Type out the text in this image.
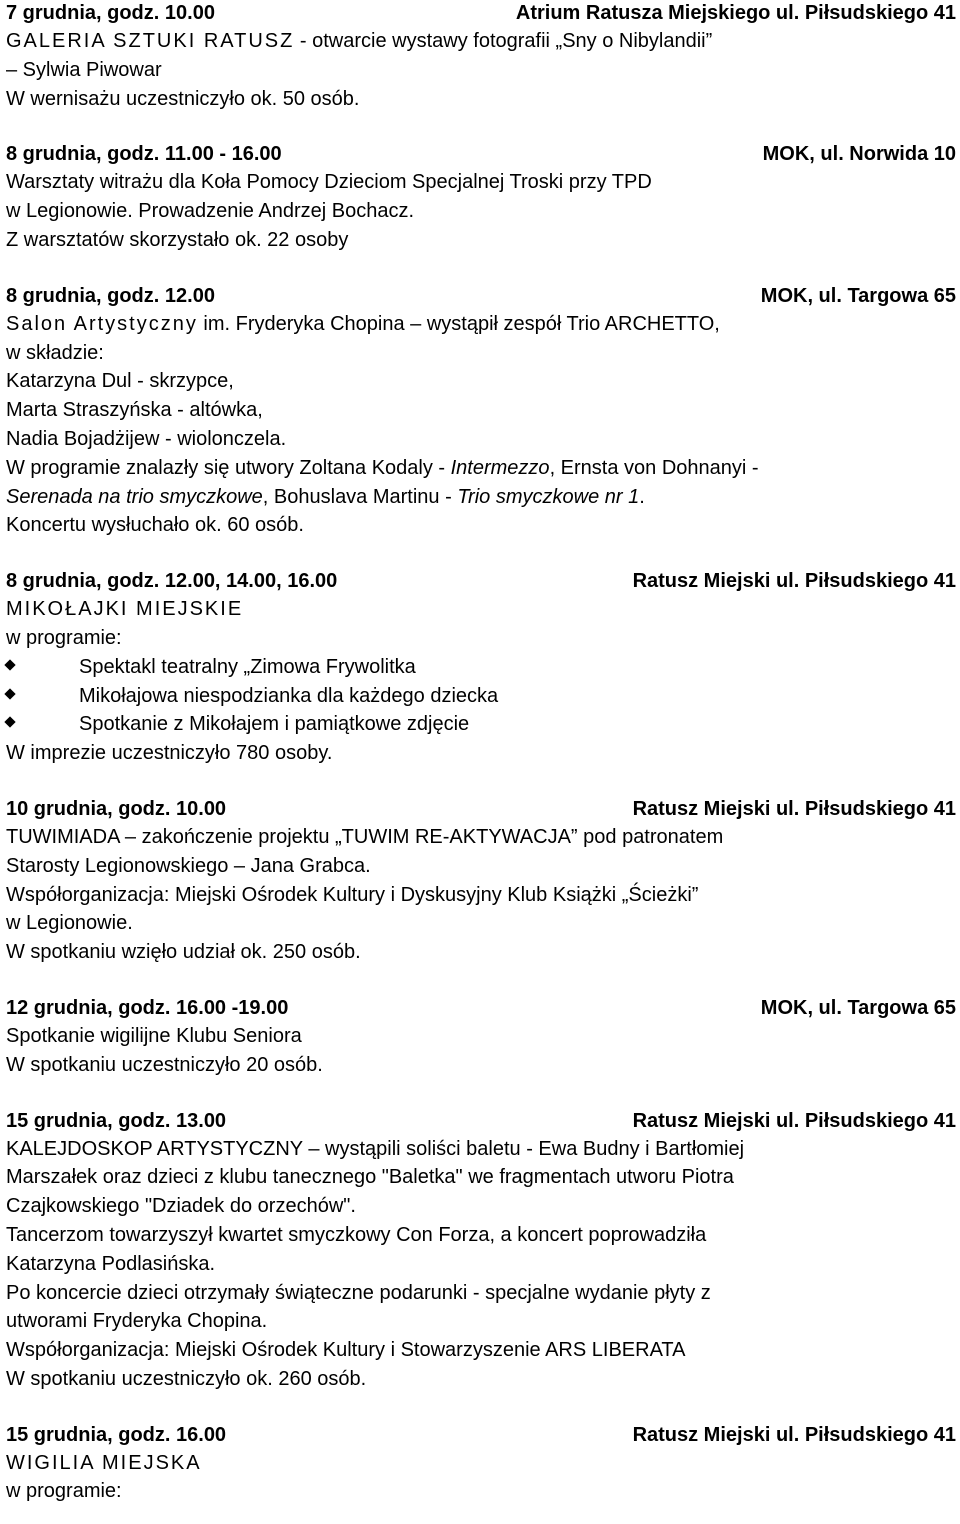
7 grudnia, godz. 10.00	Atrium Ratusza Miejskiego ul. Piłsudskiego 41
GALERIA SZTUKI RATUSZ - otwarcie wystawy fotografii „Sny o Nibylandii”
– Sylwia Piwowar
W wernisażu uczestniczyło ok. 50 osób.
8 grudnia, godz. 11.00 - 16.00	MOK, ul. Norwida 10
Warsztaty witrażu dla Koła Pomocy Dzieciom Specjalnej Troski przy TPD
w Legionowie. Prowadzenie Andrzej Bochacz.
Z warsztatów skorzystało ok. 22 osoby
8 grudnia, godz. 12.00	MOK, ul. Targowa 65
Salon Artystyczny im. Fryderyka Chopina – wystąpił zespół Trio ARCHETTO,
w składzie:
Katarzyna Dul - skrzypce,
Marta Straszyńska - altówka,
Nadia Bojadżijew - wiolonczela.
W programie znalazły się utwory Zoltana Kodaly - Intermezzo, Ernsta von Dohnanyi -
Serenada na trio smyczkowe, Bohuslava Martinu - Trio smyczkowe nr 1.
Koncertu wysłuchało ok. 60 osób.
8 grudnia, godz. 12.00, 14.00, 16.00	Ratusz Miejski ul. Piłsudskiego 41
MIKOŁAJKI MIEJSKIE
w programie:
Spektakl teatralny „Zimowa Frywolitka
Mikołajowa niespodzianka dla każdego dziecka
Spotkanie z Mikołajem i pamiątkowe zdjęcie
W imprezie uczestniczyło 780 osoby.
10 grudnia, godz. 10.00	Ratusz Miejski ul. Piłsudskiego 41
TUWIMIADA – zakończenie projektu „TUWIM RE-AKTYWACJA” pod patronatem
Starosty Legionowskiego – Jana Grabca.
Współorganizacja: Miejski Ośrodek Kultury i Dyskusyjny Klub Książki „Ścieżki”
w Legionowie.
W spotkaniu wzięło udział ok. 250 osób.
12 grudnia, godz. 16.00 -19.00	MOK, ul. Targowa 65
Spotkanie wigilijne Klubu Seniora
W spotkaniu uczestniczyło 20 osób.
15 grudnia, godz. 13.00	Ratusz Miejski ul. Piłsudskiego 41
KALEJDOSKOP ARTYSTYCZNY – wystąpili soliści baletu - Ewa Budny i Bartłomiej
Marszałek oraz dzieci z klubu tanecznego "Baletka" we fragmentach utworu Piotra
Czajkowskiego "Dziadek do orzechów".
Tancerzom towarzyszył kwartet smyczkowy Con Forza, a koncert poprowadziła
Katarzyna Podlasińska.
Po koncercie dzieci otrzymały świąteczne podarunki - specjalne wydanie płyty z
utworami Fryderyka Chopina.
Współorganizacja: Miejski Ośrodek Kultury i Stowarzyszenie ARS LIBERATA
W spotkaniu uczestniczyło ok. 260 osób.
15 grudnia, godz. 16.00	Ratusz Miejski ul. Piłsudskiego 41
WIGILIA MIEJSKA
w programie:
